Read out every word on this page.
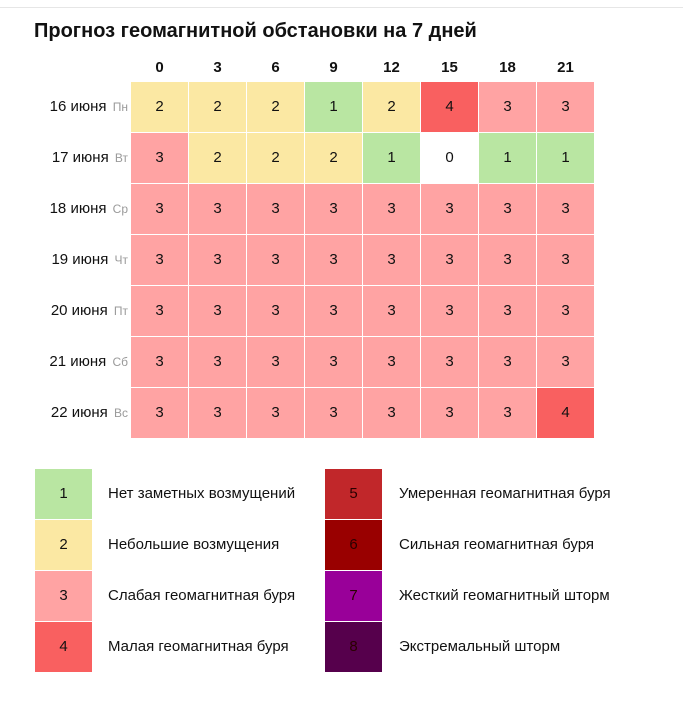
Прогноз геомагнитной обстановки на 7 дней
0	3	6	9	12	15	18	21
16 июня Пн	2	2	2	1	2	4	3	3
17 июня Вт	3	2	2	2	1	0	1	1
18 июня Ср	3	3	3	3	3	3	3	3
19 июня Чт	3	3	3	3	3	3	3	3
20 июня Пт	3	3	3	3	3	3	3	3
21 июня Сб	3	3	3	3	3	3	3	3
22 июня Вс	3	3	3	3	3	3	3	4
1	Нет заметных возмущений
2	Небольшие возмущения
3	Слабая геомагнитная буря
4	Малая геомагнитная буря
5	Умеренная геомагнитная буря
6	Сильная геомагнитная буря
7	Жесткий геомагнитный шторм
8	Экстремальный шторм
